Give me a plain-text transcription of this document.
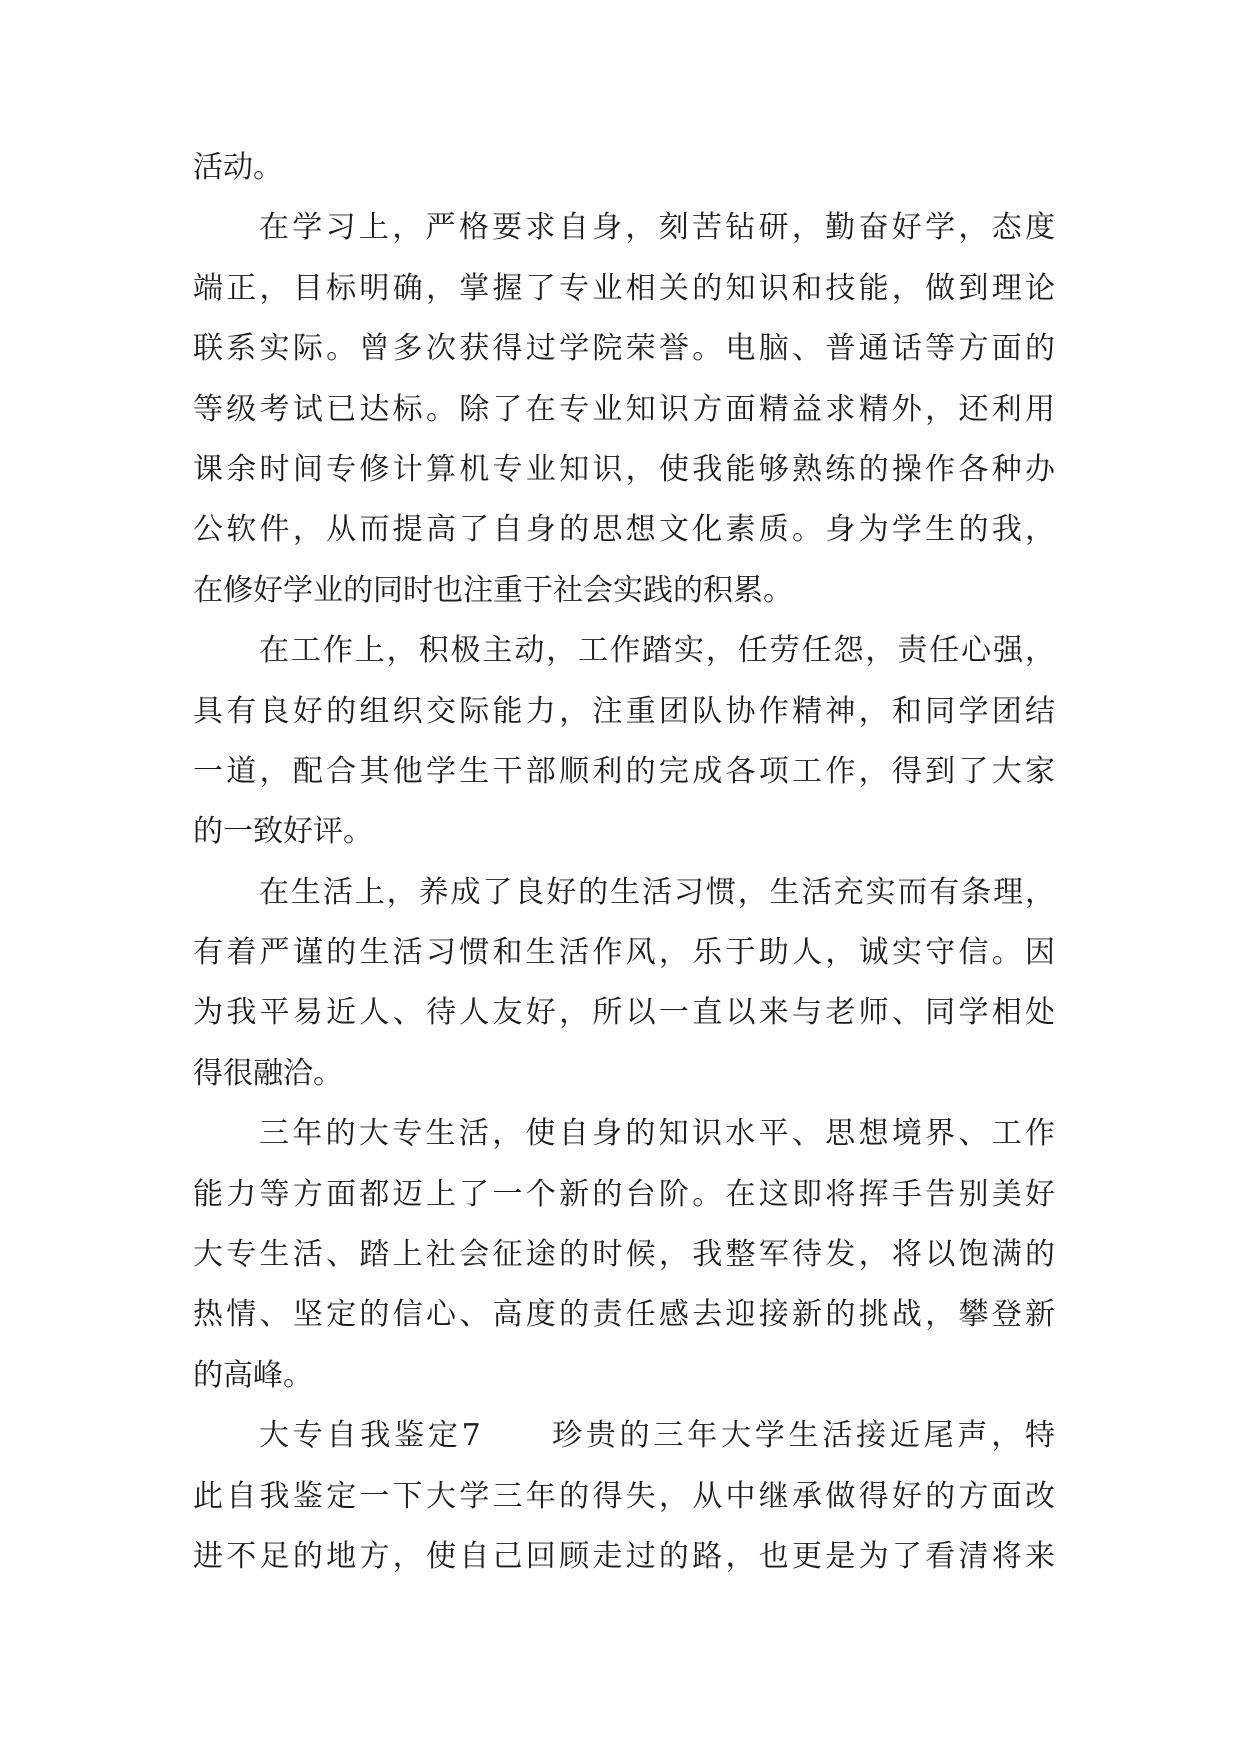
活动。
在学习上，严格要求自身，刻苦钻研，勤奋好学，态度
端正，目标明确，掌握了专业相关的知识和技能，做到理论
联系实际。曾多次获得过学院荣誉。电脑、普通话等方面的
等级考试已达标。除了在专业知识方面精益求精外，还利用
课余时间专修计算机专业知识，使我能够熟练的操作各种办
公软件，从而提高了自身的思想文化素质。身为学生的我，
在修好学业的同时也注重于社会实践的积累。
在工作上，积极主动，工作踏实，任劳任怨，责任心强，
具有良好的组织交际能力，注重团队协作精神，和同学团结
一道，配合其他学生干部顺利的完成各项工作，得到了大家
的一致好评。
在生活上，养成了良好的生活习惯，生活充实而有条理，
有着严谨的生活习惯和生活作风，乐于助人，诚实守信。因
为我平易近人、待人友好，所以一直以来与老师、同学相处
得很融洽。
三年的大专生活，使自身的知识水平、思想境界、工作
能力等方面都迈上了一个新的台阶。在这即将挥手告别美好
大专生活、踏上社会征途的时候，我整军待发，将以饱满的
热情、坚定的信心、高度的责任感去迎接新的挑战，攀登新
的高峰。
大专自我鉴定7　　珍贵的三年大学生活接近尾声，特
此自我鉴定一下大学三年的得失，从中继承做得好的方面改
进不足的地方，使自己回顾走过的路，也更是为了看清将来
